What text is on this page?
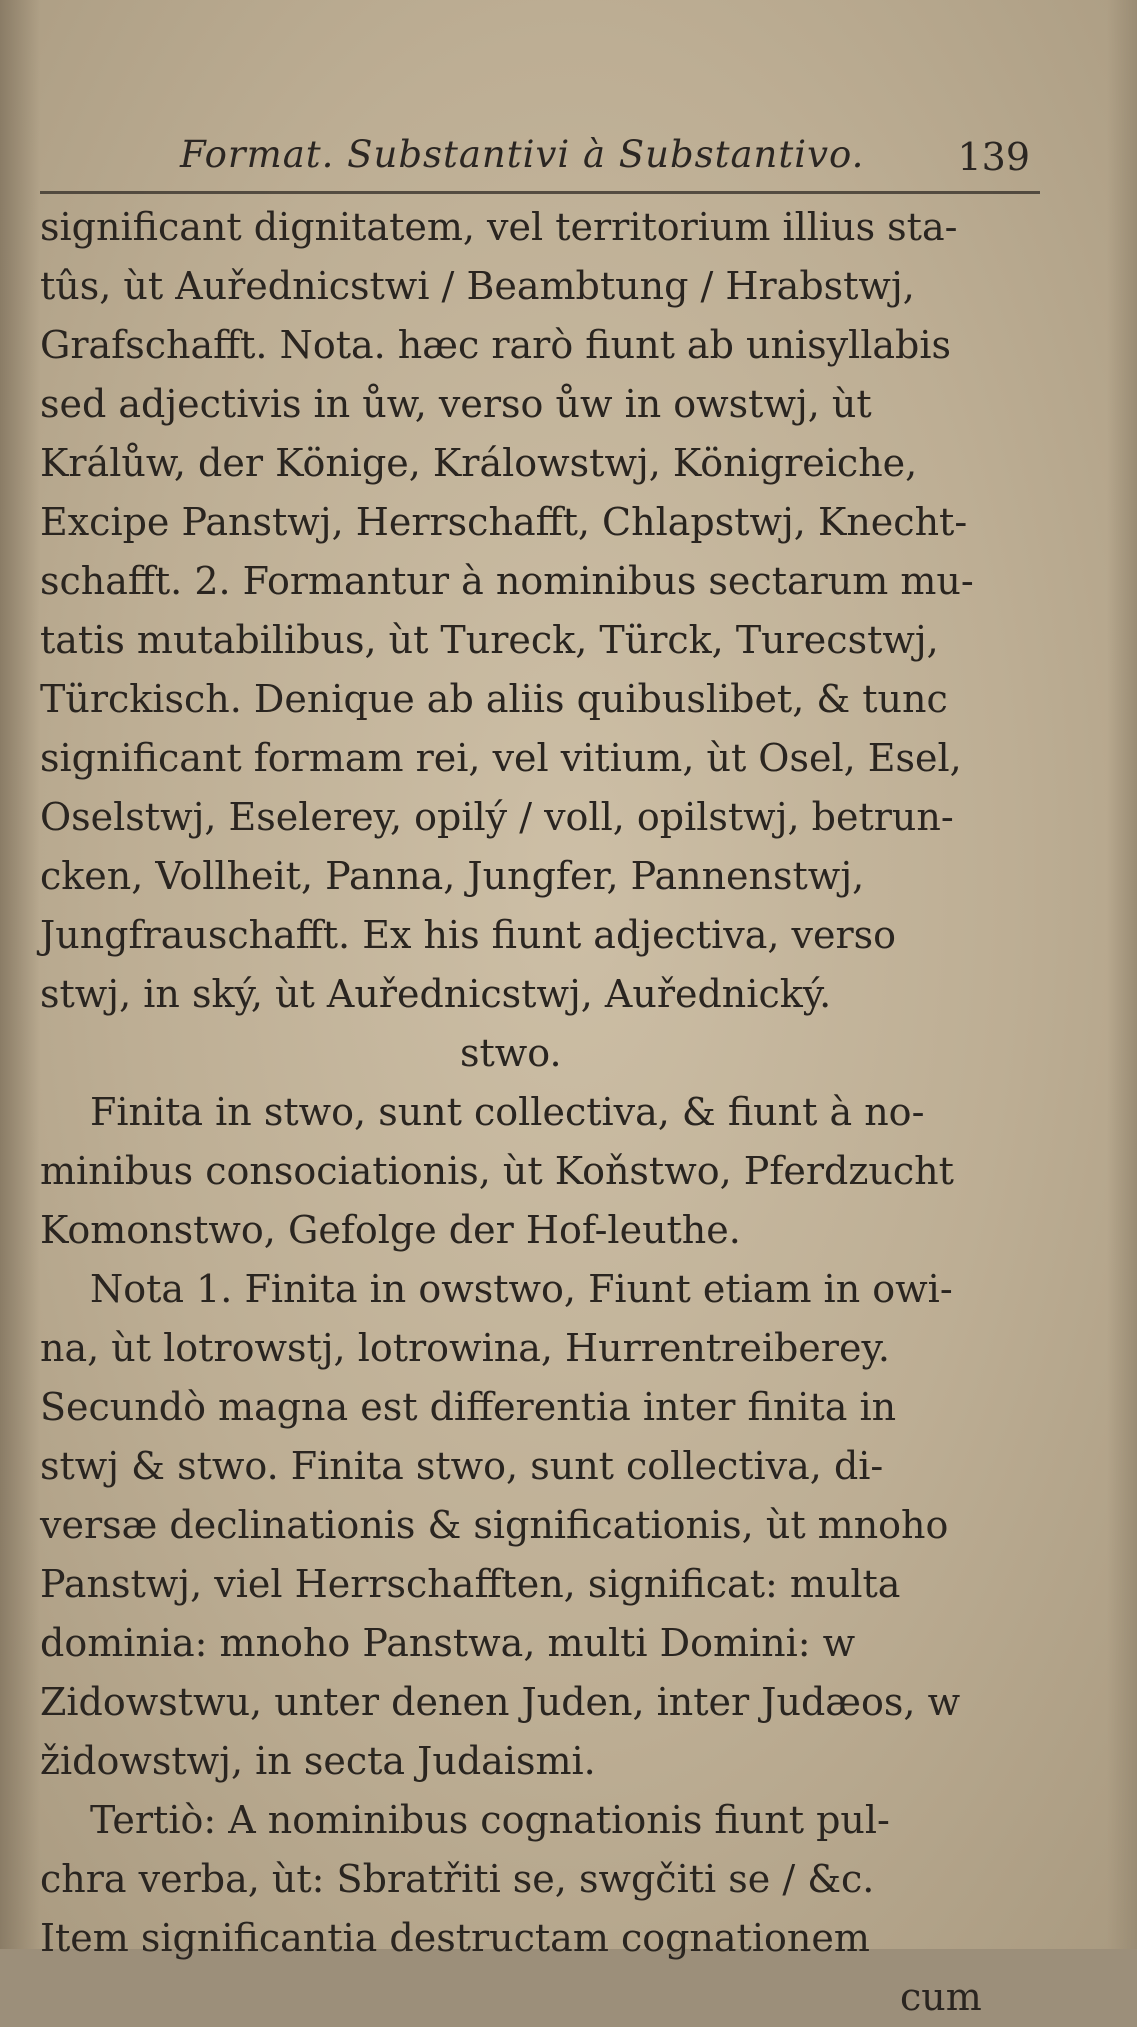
Format. Substantivi à Substantivo. 139
significant dignitatem, vel territorium illius sta-
tûs, ùt Auřednicstwi / Beambtung / Hrabstwj,
Grafschafft. Nota. hæc rarò fiunt ab unisyllabis
sed adjectivis in ůw, verso ůw in owstwj, ùt
Králůw, der Könige, Králowstwj, Königreiche,
Excipe Panstwj, Herrschafft, Chlapstwj, Knecht-
schafft. 2. Formantur à nominibus sectarum mu-
tatis mutabilibus, ùt Tureck, Türck, Turecstwj,
Türckisch. Denique ab aliis quibuslibet, & tunc
significant formam rei, vel vitium, ùt Osel, Esel,
Oselstwj, Eselerey, opilý / voll, opilstwj, betrun-
cken, Vollheit, Panna, Jungfer, Pannenstwj,
Jungfrauschafft. Ex his fiunt adjectiva, verso
stwj, in ský, ùt Auřednicstwj, Auřednický.
stwo.
Finita in stwo, sunt collectiva, & fiunt à no-
minibus consociationis, ùt Koňstwo, Pferdzucht
Komonstwo, Gefolge der Hof-leuthe.
Nota 1. Finita in owstwo, Fiunt etiam in owi-
na, ùt lotrowstj, lotrowina, Hurrentreiberey.
Secundò magna est differentia inter finita in
stwj & stwo. Finita stwo, sunt collectiva, di-
versæ declinationis & significationis, ùt mnoho
Panstwj, viel Herrschafften, significat: multa
dominia: mnoho Panstwa, multi Domini: w
Zidowstwu, unter denen Juden, inter Judæos, w
židowstwj, in secta Judaismi.
Tertiò: A nominibus cognationis fiunt pul-
chra verba, ùt: Sbratřiti se, swgčiti se / &c.
Item significantia destructam cognationem
cum
